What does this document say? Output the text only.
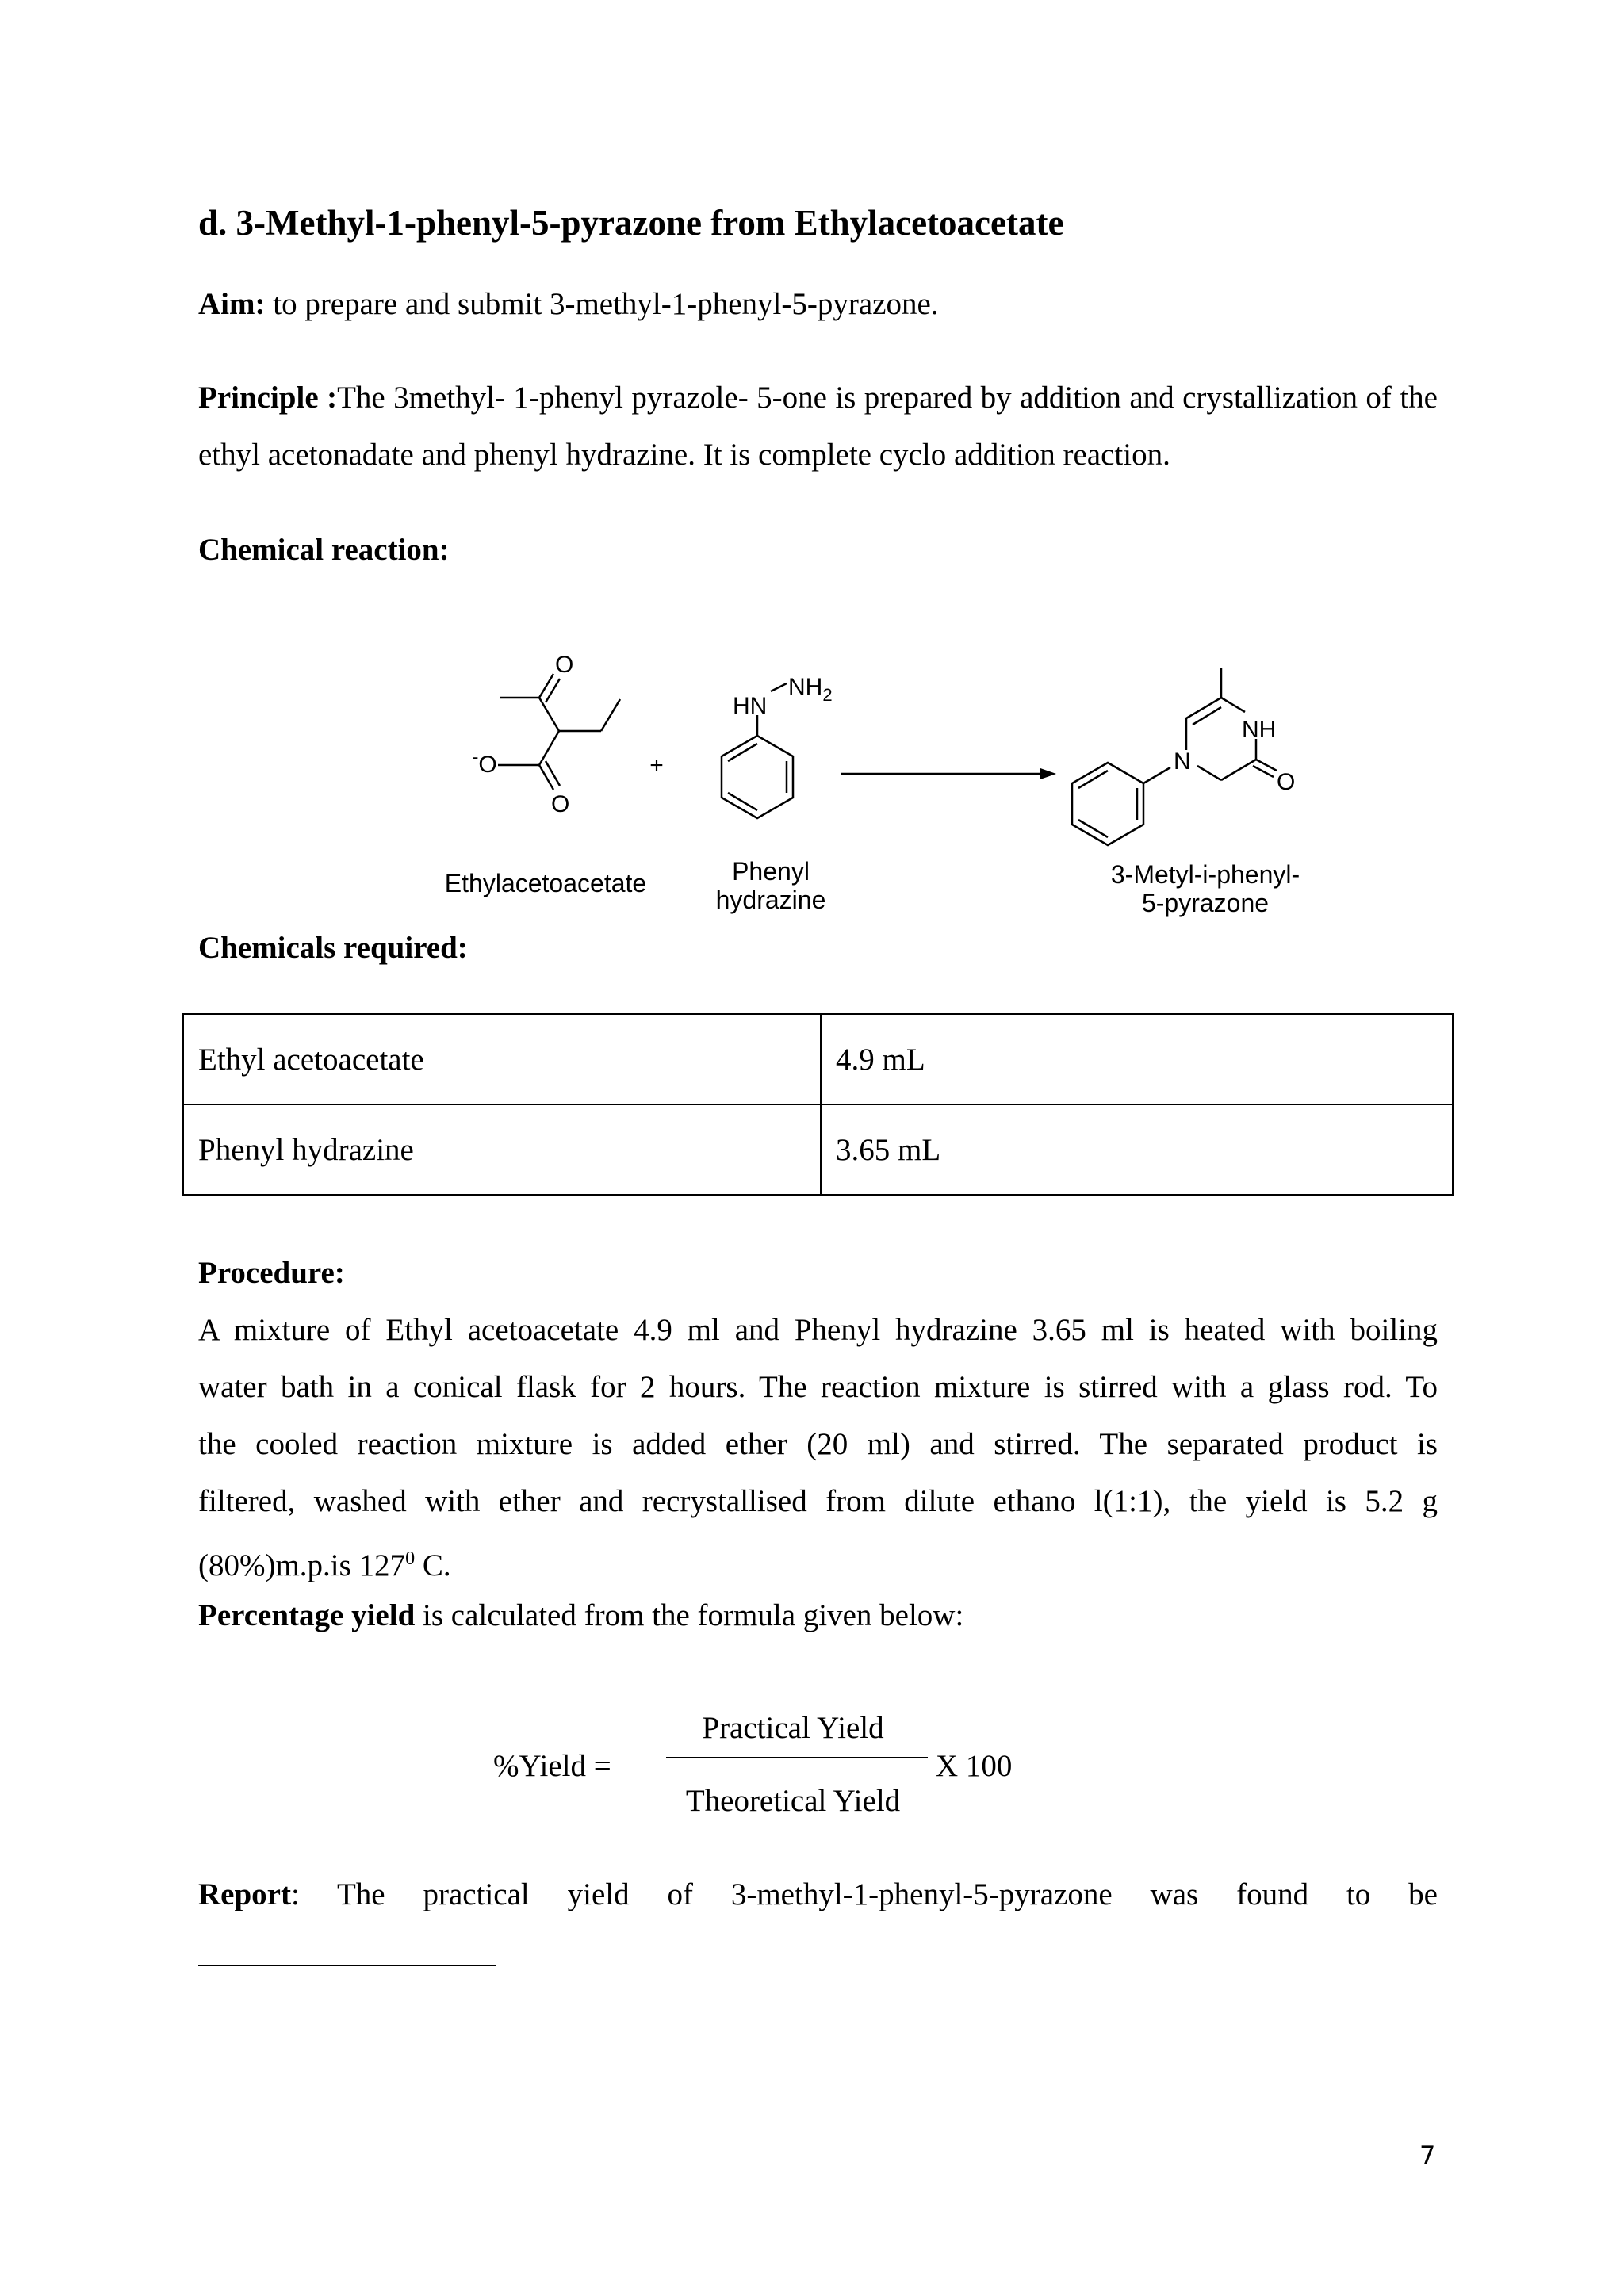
d. 3-Methyl-1-phenyl-5-pyrazone from Ethylacetoacetate
Aim: to prepare and submit 3-methyl-1-phenyl-5-pyrazone.
Principle :The 3methyl- 1-phenyl pyrazole- 5-one is prepared by addition and crystallization of the ethyl acetonadate and phenyl hydrazine. It is complete cyclo addition reaction.
Chemical reaction:
O
-O
O
Ethylacetoacetate
+
HN
$NH_2$
Phenyl
hydrazine
N
NH
O
3-Metyl-i-phenyl-
5-pyrazone
Chemicals required:
Ethyl acetoacetate	4.9 mL
Phenyl hydrazine	3.65 mL
Procedure:
A mixture of Ethyl acetoacetate 4.9 ml and Phenyl hydrazine 3.65 ml is heated with boiling
water bath in a conical flask for 2 hours. The reaction mixture is stirred with a glass rod. To
the cooled reaction mixture is added ether (20 ml) and stirred. The separated product is
filtered, washed with ether and recrystallised from dilute ethano l(1:1), the yield is 5.2 g
(80%)m.p.is $127^0$ C.
Percentage yield is calculated from the formula given below:
%Yield =
Practical Yield
Theoretical Yield
X 100
Report: The practical yield of 3-methyl-1-phenyl-5-pyrazone was found to be
7
